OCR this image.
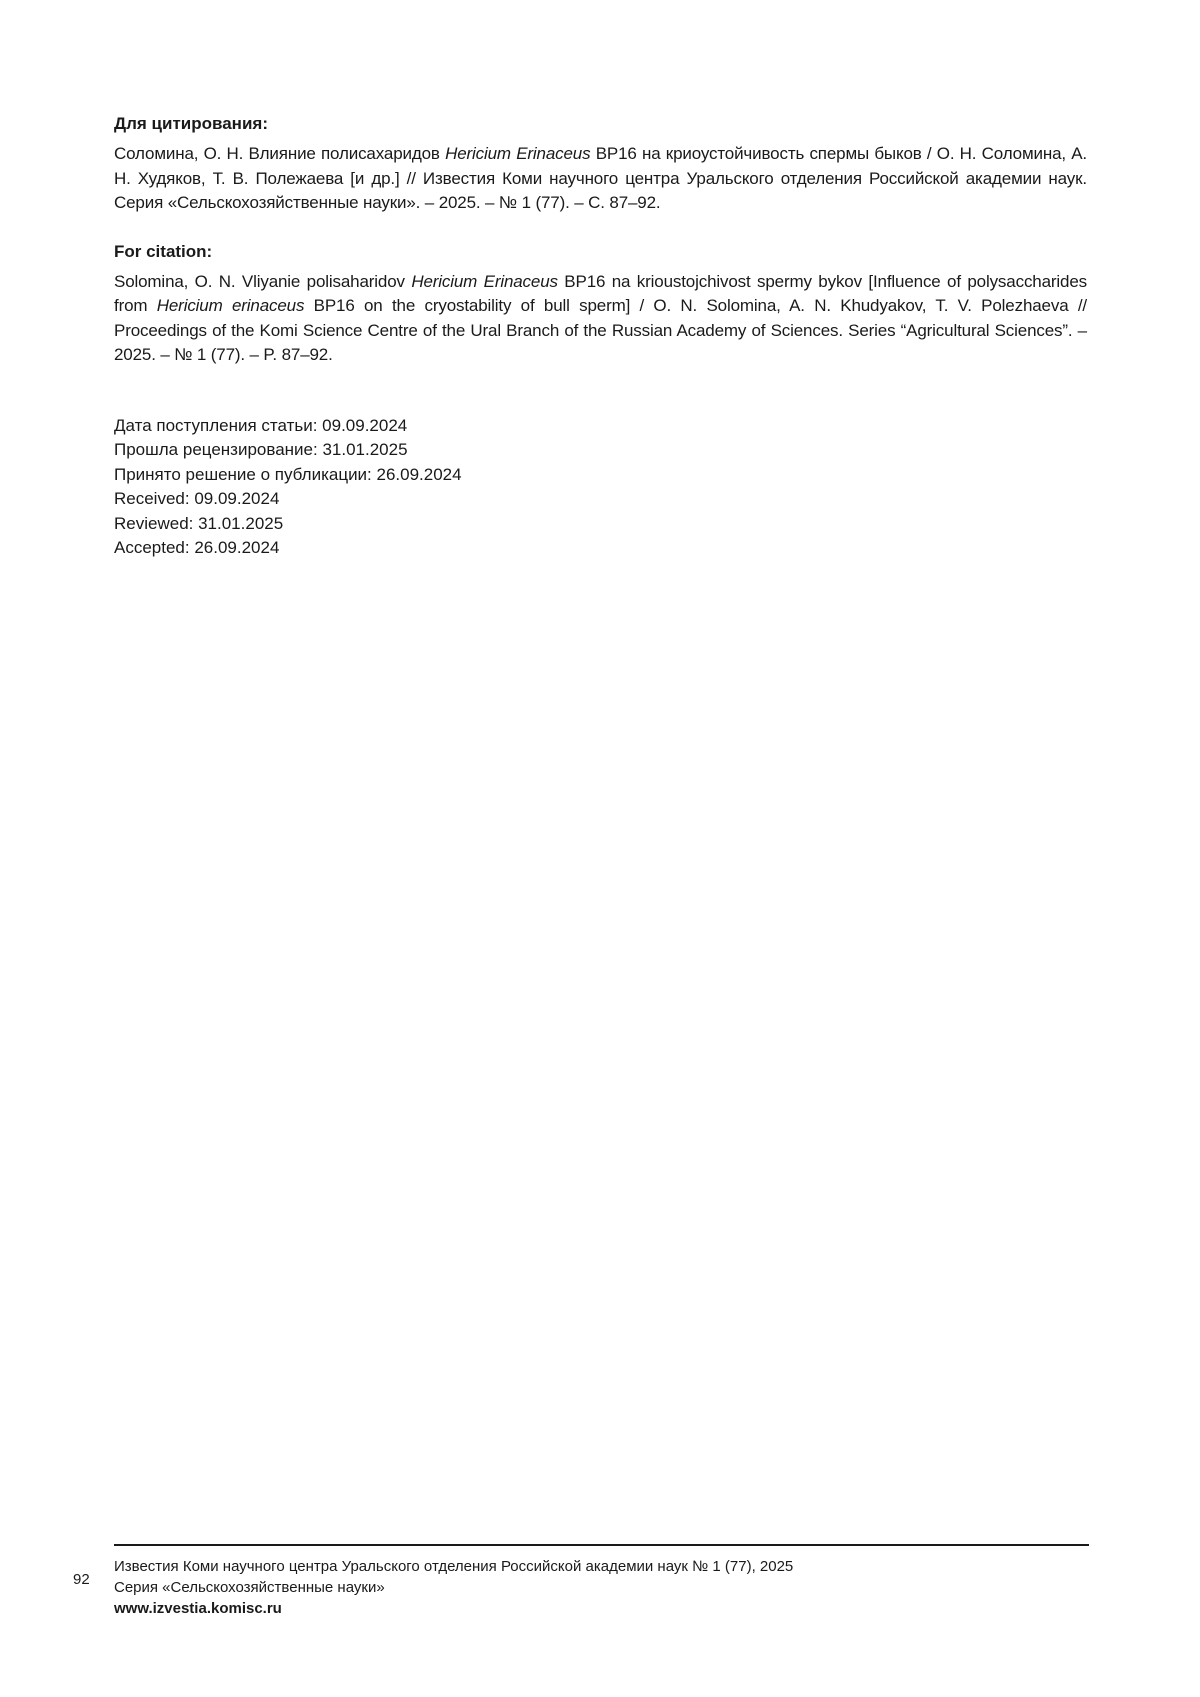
Для цитирования:

Соломина, О. Н. Влияние полисахаридов Hericium Erinaceus ВР16 на криоустойчивость спермы быков / О. Н. Соломина, А. Н. Худяков, Т. В. Полежаева [и др.] // Известия Коми научного центра Уральского отделения Российской академии наук. Серия «Сельскохозяйственные науки». – 2025. – № 1 (77). – С. 87–92.

For citation:

Solomina, O. N. Vliyanie polisaharidov Hericium Erinaceus BP16 na krioustojchivost spermy bykov [Influence of polysaccharides from Hericium erinaceus BP16 on the cryostability of bull sperm] / O. N. Solomina, A. N. Khudyakov, T. V. Polezhaeva // Proceedings of the Komi Science Centre of the Ural Branch of the Russian Academy of Sciences. Series “Agricultural Sciences”. – 2025. – № 1 (77). – P. 87–92.

Дата поступления статьи: 09.09.2024
Прошла рецензирование: 31.01.2025
Принято решение о публикации: 26.09.2024
Received: 09.09.2024
Reviewed: 31.01.2025
Accepted: 26.09.2024
92
Известия Коми научного центра Уральского отделения Российской академии наук № 1 (77), 2025
Серия «Сельскохозяйственные науки»
www.izvestia.komisc.ru
